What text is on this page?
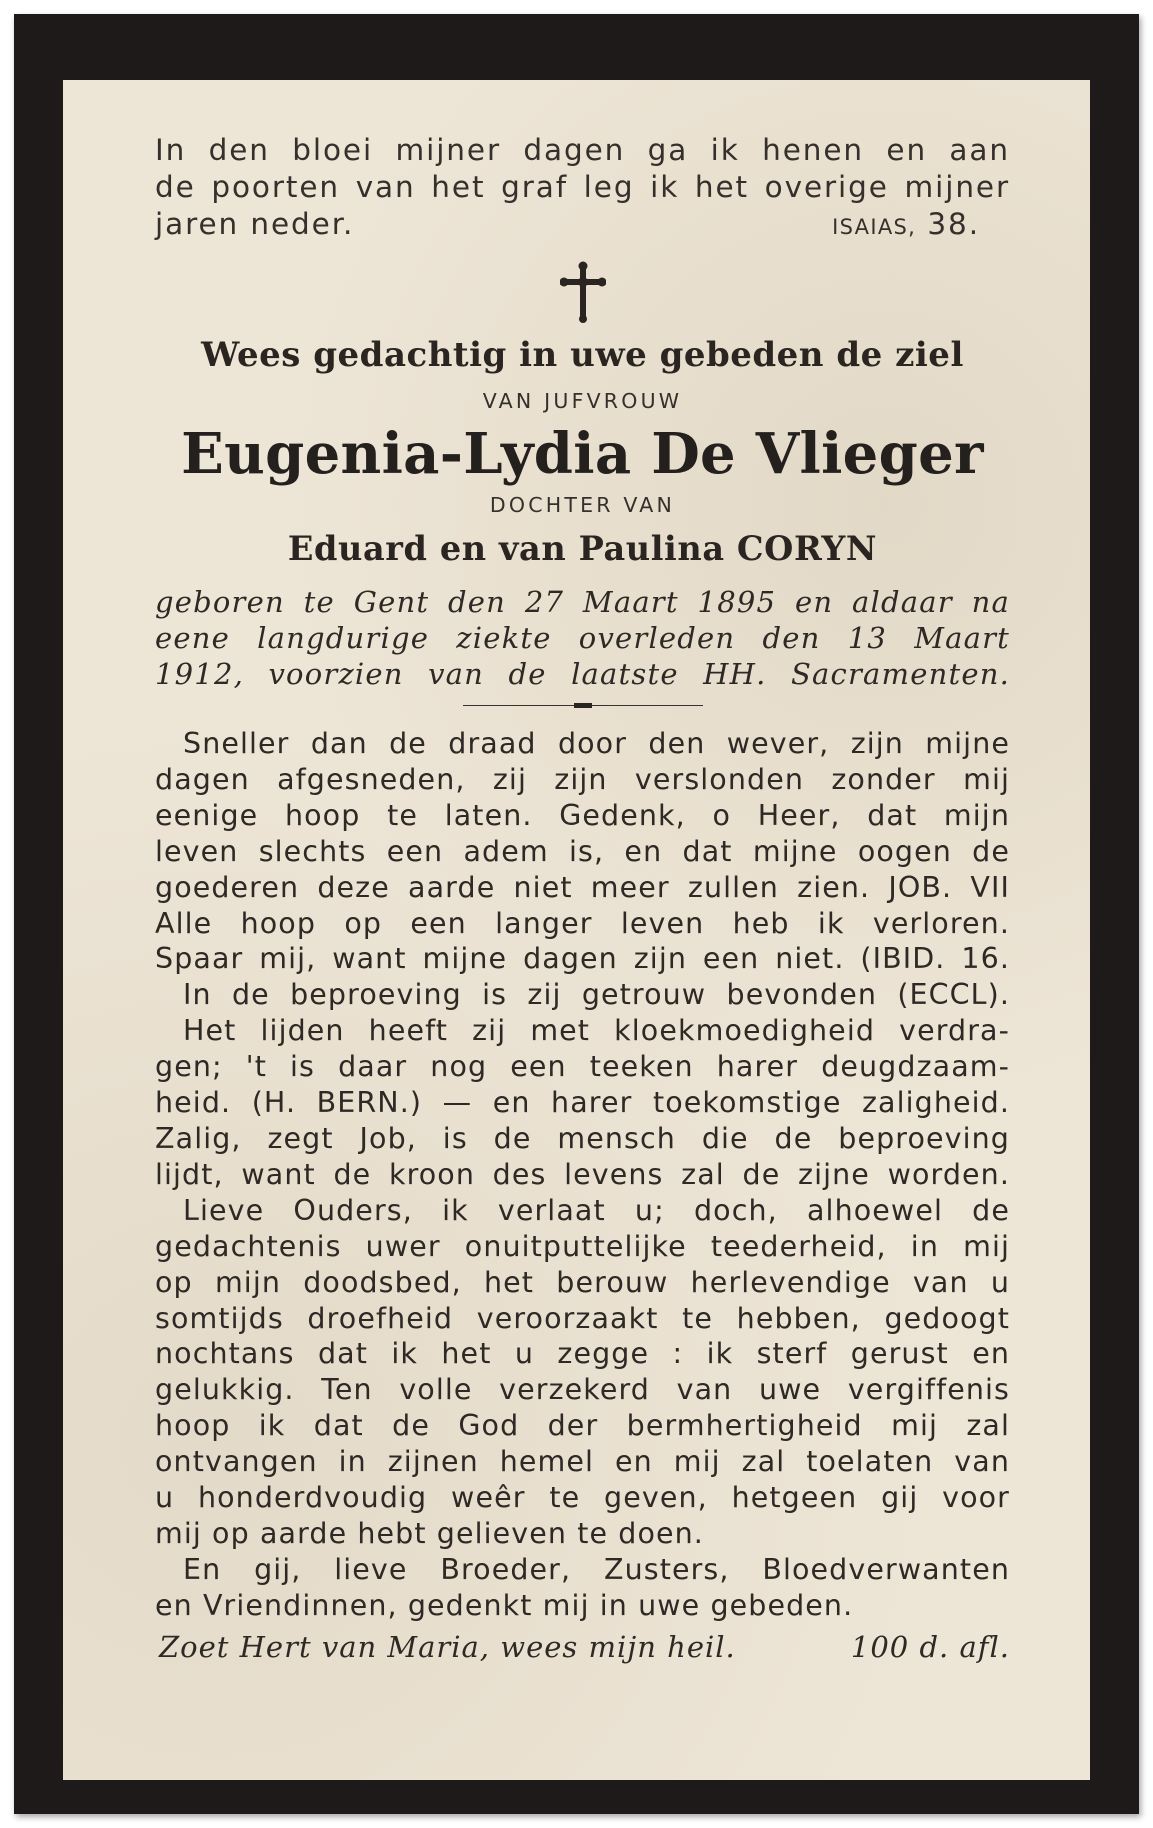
In den bloei mijner dagen ga ik henen en aan
de poorten van het graf leg ik het overige mijner
jaren neder.	ISAIAS, 38.
Wees gedachtig in uwe gebeden de ziel
VAN JUFVROUW
Eugenia-Lydia De Vlieger
DOCHTER VAN
Eduard en van Paulina CORYN
geboren te Gent den 27 Maart 1895 en aldaar na
eene langdurige ziekte overleden den 13 Maart
1912, voorzien van de laatste HH. Sacramenten.
Sneller dan de draad door den wever, zijn mijne
dagen afgesneden, zij zijn verslonden zonder mij
eenige hoop te laten. Gedenk, o Heer, dat mijn
leven slechts een adem is, en dat mijne oogen de
goederen deze aarde niet meer zullen zien. JOB. VII
Alle hoop op een langer leven heb ik verloren.
Spaar mij, want mijne dagen zijn een niet. (IBID. 16.
In de beproeving is zij getrouw bevonden (ECCL).
Het lijden heeft zij met kloekmoedigheid verdra-
gen; 't is daar nog een teeken harer deugdzaam-
heid. (H. BERN.) — en harer toekomstige zaligheid.
Zalig, zegt Job, is de mensch die de beproeving
lijdt, want de kroon des levens zal de zijne worden.
Lieve Ouders, ik verlaat u; doch, alhoewel de
gedachtenis uwer onuitputtelijke teederheid, in mij
op mijn doodsbed, het berouw herlevendige van u
somtijds droefheid veroorzaakt te hebben, gedoogt
nochtans dat ik het u zegge : ik sterf gerust en
gelukkig. Ten volle verzekerd van uwe vergiffenis
hoop ik dat de God der bermhertigheid mij zal
ontvangen in zijnen hemel en mij zal toelaten van
u honderdvoudig weêr te geven, hetgeen gij voor
mij op aarde hebt gelieven te doen.
En gij, lieve Broeder, Zusters, Bloedverwanten
en Vriendinnen, gedenkt mij in uwe gebeden.
Zoet Hert van Maria, wees mijn heil.	100 d. afl.
